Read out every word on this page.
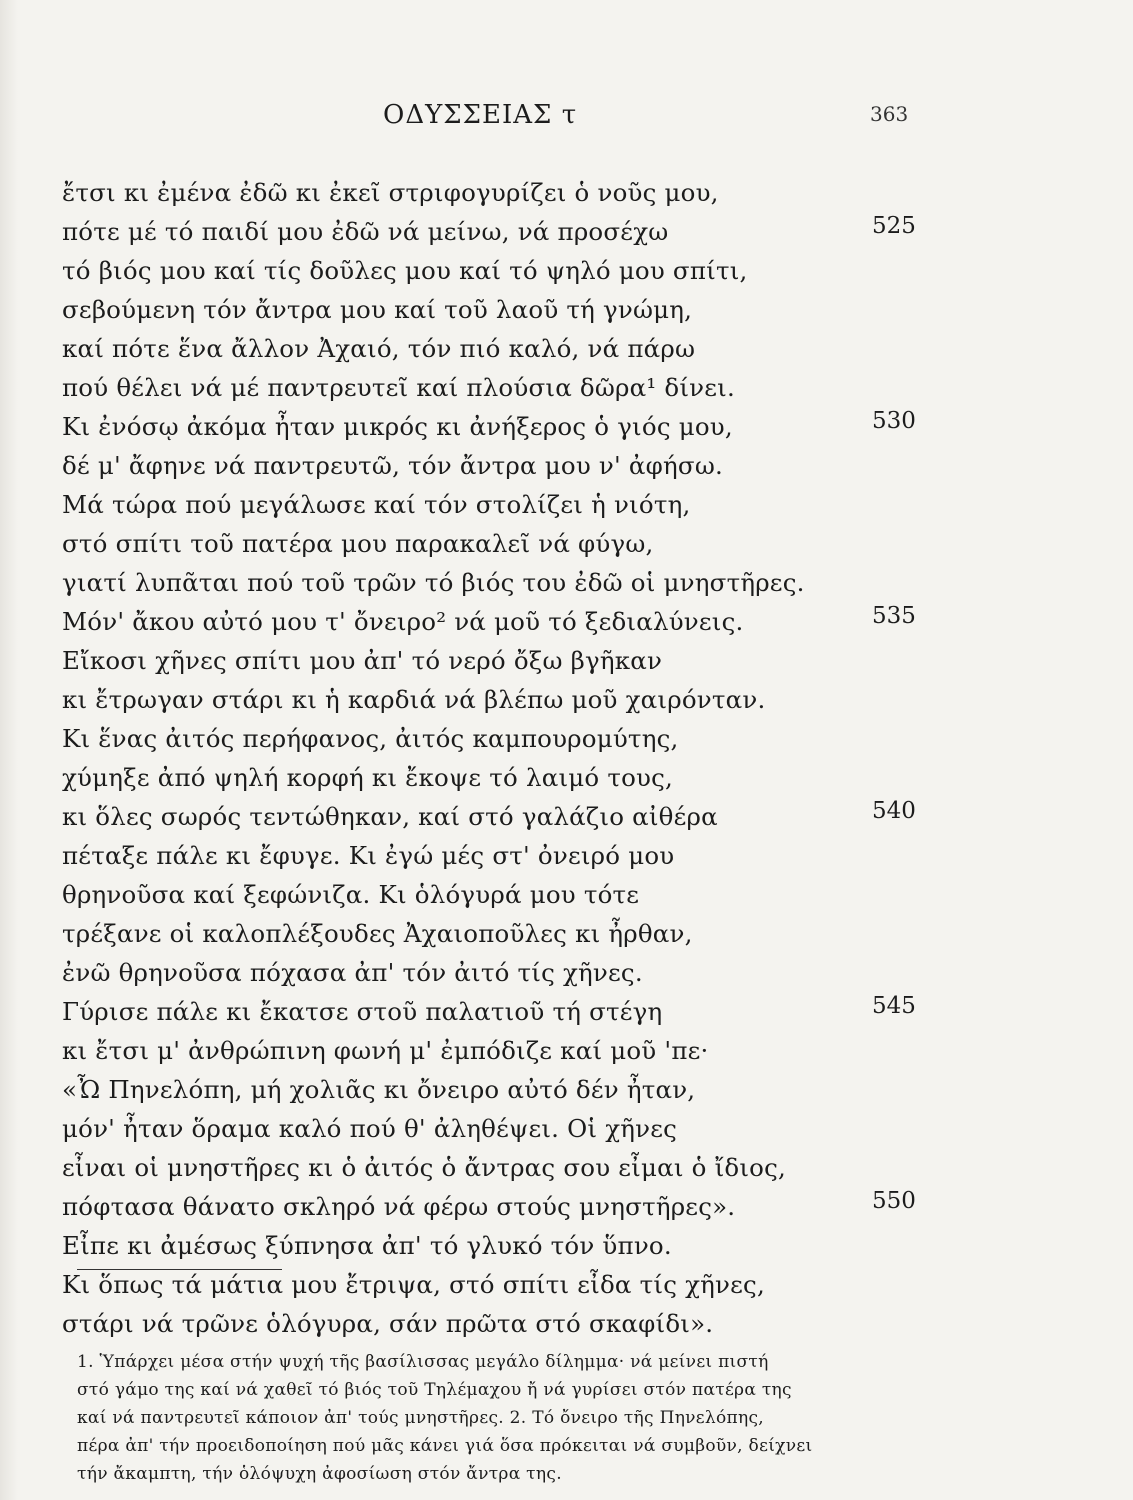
ΟΔΥΣΣΕΙΑΣ τ	363
ἔτσι κι ἐμένα ἐδῶ κι ἐκεῖ στριφογυρίζει ὁ νοῦς μου,
πότε μέ τό παιδί μου ἐδῶ νά μείνω, νά προσέχω
τό βιός μου καί τίς δοῦλες μου καί τό ψηλό μου σπίτι,
σεβούμενη τόν ἄντρα μου καί τοῦ λαοῦ τή γνώμη,
καί πότε ἕνα ἄλλον Ἀχαιό, τόν πιό καλό, νά πάρω
πού θέλει νά μέ παντρευτεῖ καί πλούσια δῶρα¹ δίνει.
Κι ἐνόσῳ ἀκόμα ἦταν μικρός κι ἀνήξερος ὁ γιός μου,
δέ μ' ἄφηνε νά παντρευτῶ, τόν ἄντρα μου ν' ἀφήσω.
Μά τώρα πού μεγάλωσε καί τόν στολίζει ἡ νιότη,
στό σπίτι τοῦ πατέρα μου παρακαλεῖ νά φύγω,
γιατί λυπᾶται πού τοῦ τρῶν τό βιός του ἐδῶ οἱ μνηστῆρες.
Μόν' ἄκου αὐτό μου τ' ὄνειρο² νά μοῦ τό ξεδιαλύνεις.
Εἴκοσι χῆνες σπίτι μου ἀπ' τό νερό ὄξω βγῆκαν
κι ἔτρωγαν στάρι κι ἡ καρδιά νά βλέπω μοῦ χαιρόνταν.
Κι ἕνας ἀιτός περήφανος, ἀιτός καμπουρομύτης,
χύμηξε ἀπό ψηλή κορφή κι ἔκοψε τό λαιμό τους,
κι ὅλες σωρός τεντώθηκαν, καί στό γαλάζιο αἰθέρα
πέταξε πάλε κι ἔφυγε. Κι ἐγώ μές στ' ὀνειρό μου
θρηνοῦσα καί ξεφώνιζα. Κι ὁλόγυρά μου τότε
τρέξανε οἱ καλοπλέξουδες Ἀχαιοποῦλες κι ἦρθαν,
ἐνῶ θρηνοῦσα πόχασα ἀπ' τόν ἀιτό τίς χῆνες.
Γύρισε πάλε κι ἔκατσε στοῦ παλατιοῦ τή στέγη
κι ἔτσι μ' ἀνθρώπινη φωνή μ' ἐμπόδιζε καί μοῦ 'πε·
«Ὦ Πηνελόπη, μή χολιᾶς κι ὄνειρο αὐτό δέν ἦταν,
μόν' ἦταν ὅραμα καλό πού θ' ἀληθέψει. Οἱ χῆνες
εἶναι οἱ μνηστῆρες κι ὁ ἀιτός ὁ ἄντρας σου εἶμαι ὁ ἴδιος,
πόφτασα θάνατο σκληρό νά φέρω στούς μνηστῆρες».
Εἶπε κι ἀμέσως ξύπνησα ἀπ' τό γλυκό τόν ὕπνο.
Κι ὅπως τά μάτια μου ἔτριψα, στό σπίτι εἶδα τίς χῆνες,
στάρι νά τρῶνε ὁλόγυρα, σάν πρῶτα στό σκαφίδι».
525
530
535
540
545
550
1. Ὑπάρχει μέσα στήν ψυχή τῆς βασίλισσας μεγάλο δίλημμα· νά μείνει πιστή
στό γάμο της καί νά χαθεῖ τό βιός τοῦ Τηλέμαχου ἤ νά γυρίσει στόν πατέρα της
καί νά παντρευτεῖ κάποιον ἀπ' τούς μνηστῆρες. 2. Τό ὄνειρο τῆς Πηνελόπης,
πέρα ἀπ' τήν προειδοποίηση πού μᾶς κάνει γιά ὅσα πρόκειται νά συμβοῦν, δείχνει
τήν ἄκαμπτη, τήν ὁλόψυχη ἀφοσίωση στόν ἄντρα της.
